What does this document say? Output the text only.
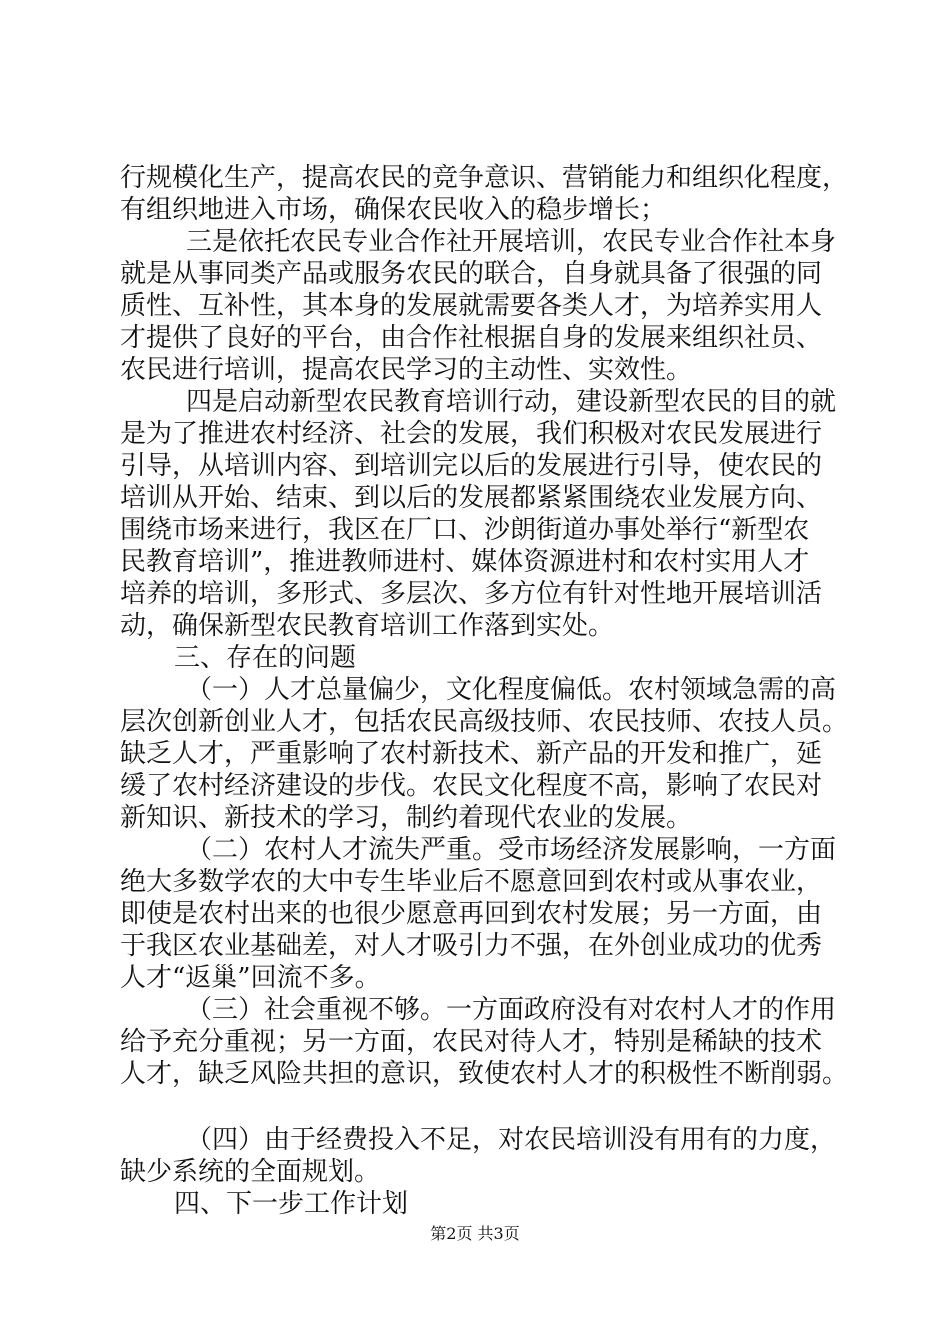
行规模化生产，提高农民的竞争意识、营销能力和组织化程度，
有组织地进入市场，确保农民收入的稳步增长；
三是依托农民专业合作社开展培训，农民专业合作社本身
就是从事同类产品或服务农民的联合，自身就具备了很强的同
质性、互补性，其本身的发展就需要各类人才，为培养实用人
才提供了良好的平台，由合作社根据自身的发展来组织社员、
农民进行培训，提高农民学习的主动性、实效性。
四是启动新型农民教育培训行动，建设新型农民的目的就
是为了推进农村经济、社会的发展，我们积极对农民发展进行
引导，从培训内容、到培训完以后的发展进行引导，使农民的
培训从开始、结束、到以后的发展都紧紧围绕农业发展方向、
围绕市场来进行，我区在厂口、沙朗街道办事处举行“新型农
民教育培训”，推进教师进村、媒体资源进村和农村实用人才
培养的培训，多形式、多层次、多方位有针对性地开展培训活
动，确保新型农民教育培训工作落到实处。
三、存在的问题
（一）人才总量偏少，文化程度偏低。农村领域急需的高
层次创新创业人才，包括农民高级技师、农民技师、农技人员。
缺乏人才，严重影响了农村新技术、新产品的开发和推广，延
缓了农村经济建设的步伐。农民文化程度不高，影响了农民对
新知识、新技术的学习，制约着现代农业的发展。
（二）农村人才流失严重。受市场经济发展影响，一方面
绝大多数学农的大中专生毕业后不愿意回到农村或从事农业，
即使是农村出来的也很少愿意再回到农村发展；另一方面，由
于我区农业基础差，对人才吸引力不强，在外创业成功的优秀
人才“返巢”回流不多。
（三）社会重视不够。一方面政府没有对农村人才的作用
给予充分重视；另一方面，农民对待人才，特别是稀缺的技术
人才，缺乏风险共担的意识，致使农村人才的积极性不断削弱。
（四）由于经费投入不足，对农民培训没有用有的力度，
缺少系统的全面规划。
四、下一步工作计划
第2页 共3页
